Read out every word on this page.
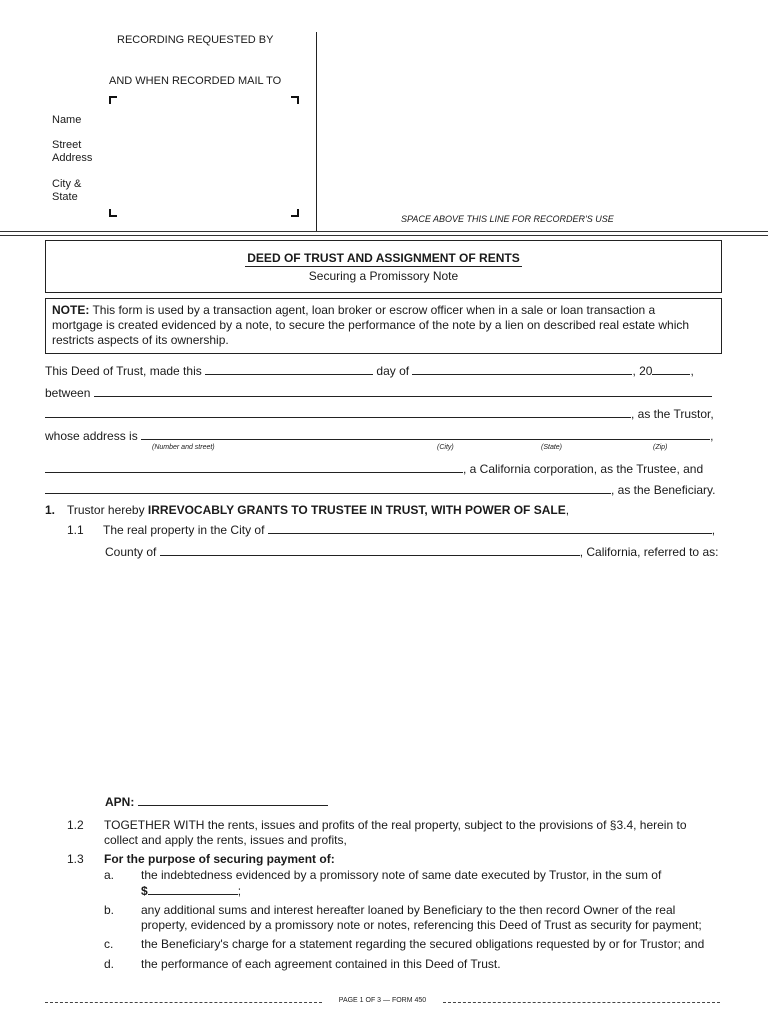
RECORDING REQUESTED BY
AND WHEN RECORDED MAIL TO
Name
Street
Address
City &
State
SPACE ABOVE THIS LINE FOR RECORDER'S USE
DEED OF TRUST AND ASSIGNMENT OF RENTS
Securing a Promissory Note
NOTE: This form is used by a transaction agent, loan broker or escrow officer when in a sale or loan transaction a
mortgage is created evidenced by a note, to secure the performance of the note by a lien on described real estate which
restricts aspects of its ownership.
This Deed of Trust, made this	day of	, 20	,
between
, as the Trustor,
whose address is	,
(Number and street)	(City)	(State)	(Zip)
, a California corporation, as the Trustee, and
, as the Beneficiary.
1. Trustor hereby IRREVOCABLY GRANTS TO TRUSTEE IN TRUST, WITH POWER OF SALE,
1.1 The real property in the City of	,
County of	, California, referred to as:
APN:
1.2 TOGETHER WITH the rents, issues and profits of the real property, subject to the provisions of §3.4, herein to
collect and apply the rents, issues and profits,
1.3 For the purpose of securing payment of:
a. the indebtedness evidenced by a promissory note of same date executed by Trustor, in the sum of
$	;
b. any additional sums and interest hereafter loaned by Beneficiary to the then record Owner of the real
property, evidenced by a promissory note or notes, referencing this Deed of Trust as security for payment;
c. the Beneficiary's charge for a statement regarding the secured obligations requested by or for Trustor; and
d. the performance of each agreement contained in this Deed of Trust.
PAGE 1 OF 3 — FORM 450
